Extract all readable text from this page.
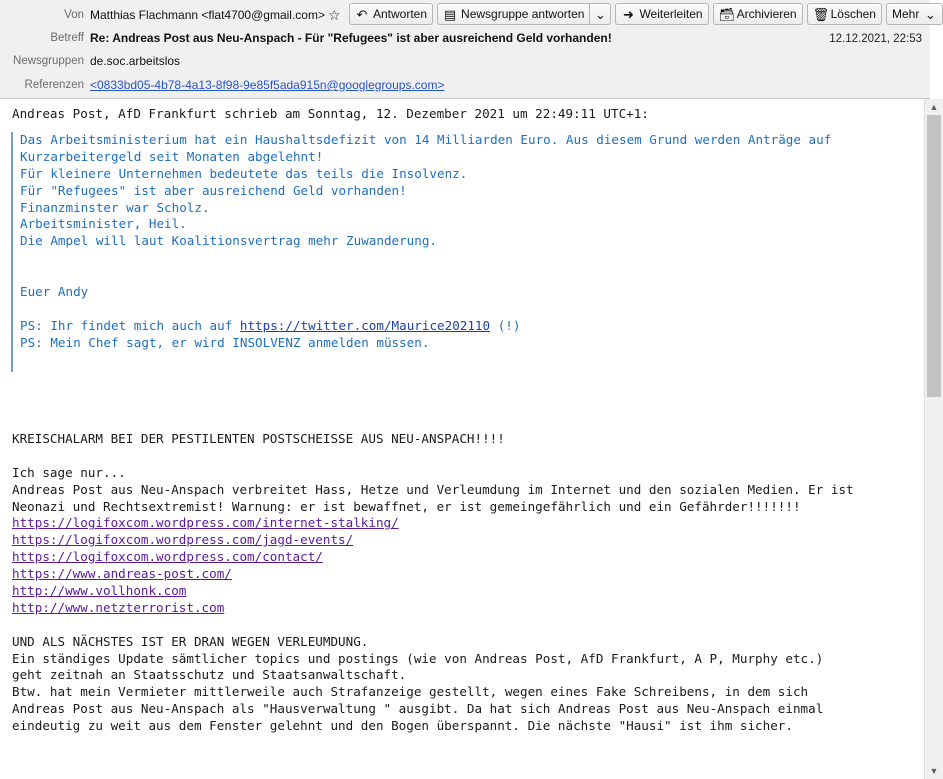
Von Matthias Flachmann <flat4700@gmail.com> ☆ ↶ Antworten ▤ Newsgruppe antworten ⌄ ➜ Weiterleiten 🗃 Archivieren 🗑 Löschen Mehr ⌄
Betreff Re: Andreas Post aus Neu-Anspach - Für "Refugees" ist aber ausreichend Geld vorhanden!	12.12.2021, 22:53
Newsgruppen de.soc.arbeitslos
Referenzen <0833bd05-4b78-4a13-8f98-9e85f5ada915n@googlegroups.com>
Andreas Post, AfD Frankfurt schrieb am Sonntag, 12. Dezember 2021 um 22:49:11 UTC+1:
Das Arbeitsministerium hat ein Haushaltsdefizit von 14 Milliarden Euro. Aus diesem Grund werden Anträge auf
Kurzarbeitergeld seit Monaten abgelehnt!
Für kleinere Unternehmen bedeutete das teils die Insolvenz.
Für "Refugees" ist aber ausreichend Geld vorhanden!
Finanzminster war Scholz.
Arbeitsminister, Heil.
Die Ampel will laut Koalitionsvertrag mehr Zuwanderung.
Euer Andy
PS: Ihr findet mich auch auf https://twitter.com/Maurice202110 (!)
PS: Mein Chef sagt, er wird INSOLVENZ anmelden müssen.
KREISCHALARM BEI DER PESTILENTEN POSTSCHEISSE AUS NEU-ANSPACH!!!!
Ich sage nur...
Andreas Post aus Neu-Anspach verbreitet Hass, Hetze und Verleumdung im Internet und den sozialen Medien. Er ist
Neonazi und Rechtsextremist! Warnung: er ist bewaffnet, er ist gemeingefährlich und ein Gefährder!!!!!!!
https://logifoxcom.wordpress.com/internet-stalking/
https://logifoxcom.wordpress.com/jagd-events/
https://logifoxcom.wordpress.com/contact/
https://www.andreas-post.com/
http://www.vollhonk.com
http://www.netzterrorist.com
UND ALS NÄCHSTES IST ER DRAN WEGEN VERLEUMDUNG.
Ein ständiges Update sämtlicher topics und postings (wie von Andreas Post, AfD Frankfurt, A P, Murphy etc.)
geht zeitnah an Staatsschutz und Staatsanwaltschaft.
Btw. hat mein Vermieter mittlerweile auch Strafanzeige gestellt, wegen eines Fake Schreibens, in dem sich
Andreas Post aus Neu-Anspach als "Hausverwaltung " ausgibt. Da hat sich Andreas Post aus Neu-Anspach einmal
eindeutig zu weit aus dem Fenster gelehnt und den Bogen überspannt. Die nächste "Hausi" ist ihm sicher.
▲
▼
